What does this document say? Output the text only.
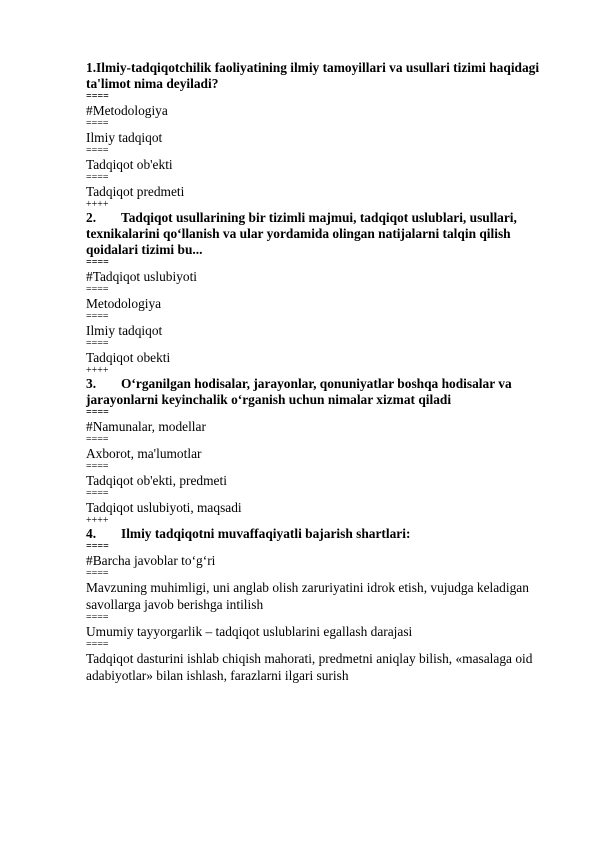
1.Ilmiy-tadqiqotchilik faoliyatining ilmiy tamoyillari va usullari tizimi haqidagi ta'limot nima deyiladi?

====

#Metodologiya

====

Ilmiy tadqiqot

====

Tadqiqot ob'ekti

====

Tadqiqot predmeti

++++

2. Tadqiqot usullarining bir tizimli majmui, tadqiqot uslublari, usullari, texnikalarini qo‘llanish va ular yordamida olingan natijalarni talqin qilish qoidalari tizimi bu...

====

#Tadqiqot uslubiyoti

====

Metodologiya

====

Ilmiy tadqiqot

====

Tadqiqot obekti

++++

3. O‘rganilgan hodisalar, jarayonlar, qonuniyatlar boshqa hodisalar va jarayonlarni keyinchalik o‘rganish uchun nimalar xizmat qiladi

====

#Namunalar, modellar

====

Axborot, ma'lumotlar

====

Tadqiqot ob'ekti, predmeti

====

Tadqiqot uslubiyoti, maqsadi

++++

4. Ilmiy tadqiqotni muvaffaqiyatli bajarish shartlari:

====

#Barcha javoblar to‘g‘ri

====

Mavzuning muhimligi, uni anglab olish zaruriyatini idrok etish, vujudga keladigan savollarga javob berishga intilish

====

Umumiy tayyorgarlik – tadqiqot uslublarini egallash darajasi

====

Tadqiqot dasturini ishlab chiqish mahorati, predmetni aniqlay bilish, «masalaga oid adabiyotlar» bilan ishlash, farazlarni ilgari surish
